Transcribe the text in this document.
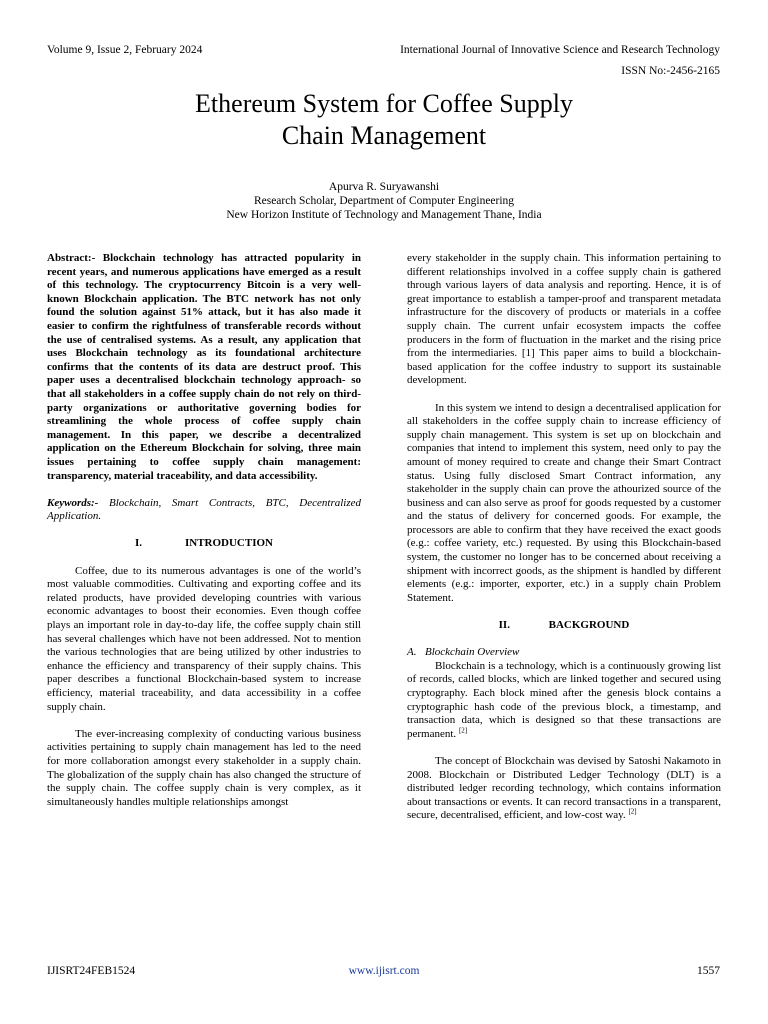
Volume 9, Issue 2, February 2024	International Journal of Innovative Science and Research Technology
ISSN No:-2456-2165
Ethereum System for Coffee Supply
Chain Management
Apurva R. Suryawanshi
Research Scholar, Department of Computer Engineering
New Horizon Institute of Technology and Management Thane, India

Abstract:- Blockchain technology has attracted popularity in recent years, and numerous applications have emerged as a result of this technology. The cryptocurrency Bitcoin is a very well-known Blockchain application. The BTC network has not only found the solution against 51% attack, but it has also made it easier to confirm the rightfulness of transferable records without the use of centralised systems. As a result, any application that uses Blockchain technology as its foundational architecture confirms that the contents of its data are destruct proof. This paper uses a decentralised blockchain technology approach- so that all stakeholders in a coffee supply chain do not rely on third-party organizations or authoritative governing bodies for streamlining the whole process of coffee supply chain management. In this paper, we describe a decentralized application on the Ethereum Blockchain for solving, three main issues pertaining to coffee supply chain management: transparency, material traceability, and data accessibility.

Keywords:- Blockchain, Smart Contracts, BTC, Decentralized Application.

I.	INTRODUCTION

Coffee, due to its numerous advantages is one of the world’s most valuable commodities. Cultivating and exporting coffee and its related products, have provided developing countries with various economic advantages to boost their economies. Even though coffee plays an important role in day-to-day life, the coffee supply chain still has several challenges which have not been addressed. Not to mention the various technologies that are being utilized by other industries to enhance the efficiency and transparency of their supply chains. This paper describes a functional Blockchain-based system to increase efficiency, material traceability, and data accessibility in a coffee supply chain.

The ever-increasing complexity of conducting various business activities pertaining to supply chain management has led to the need for more collaboration amongst every stakeholder in a supply chain. The globalization of the supply chain has also changed the structure of the supply chain. The coffee supply chain is very complex, as it simultaneously handles multiple relationships amongst

every stakeholder in the supply chain. This information pertaining to different relationships involved in a coffee supply chain is gathered through various layers of data analysis and reporting. Hence, it is of great importance to establish a tamper-proof and transparent metadata infrastructure for the discovery of products or materials in a coffee supply chain. The current unfair ecosystem impacts the coffee producers in the form of fluctuation in the market and the rising price from the intermediaries. [1] This paper aims to build a blockchain-based application for the coffee industry to support its sustainable development.

In this system we intend to design a decentralised application for all stakeholders in the coffee supply chain to increase efficiency of supply chain management. This system is set up on blockchain and companies that intend to implement this system, need only to pay the amount of money required to create and change their Smart Contract status. Using fully disclosed Smart Contract information, any stakeholder in the supply chain can prove the athourized source of the business and can also serve as proof for goods requested by a customer and the status of delivery for concerned goods. For example, the processors are able to confirm that they have received the exact goods (e.g.: coffee variety, etc.) requested. By using this Blockchain-based system, the customer no longer has to be concerned about receiving a shipment with incorrect goods, as the shipment is handled by different elements (e.g.: importer, exporter, etc.) in a supply chain Problem Statement.

II.	BACKGROUND
A. Blockchain Overview

Blockchain is a technology, which is a continuously growing list of records, called blocks, which are linked together and secured using cryptography. Each block mined after the genesis block contains a cryptographic hash code of the previous block, a timestamp, and transaction data, which is designed so that these transactions are permanent. [2]

The concept of Blockchain was devised by Satoshi Nakamoto in 2008. Blockchain or Distributed Ledger Technology (DLT) is a distributed ledger recording technology, which contains information about transactions or events. It can record transactions in a transparent, secure, decentralised, efficient, and low-cost way. [2]

IJISRT24FEB1524	www.ijisrt.com	1557
